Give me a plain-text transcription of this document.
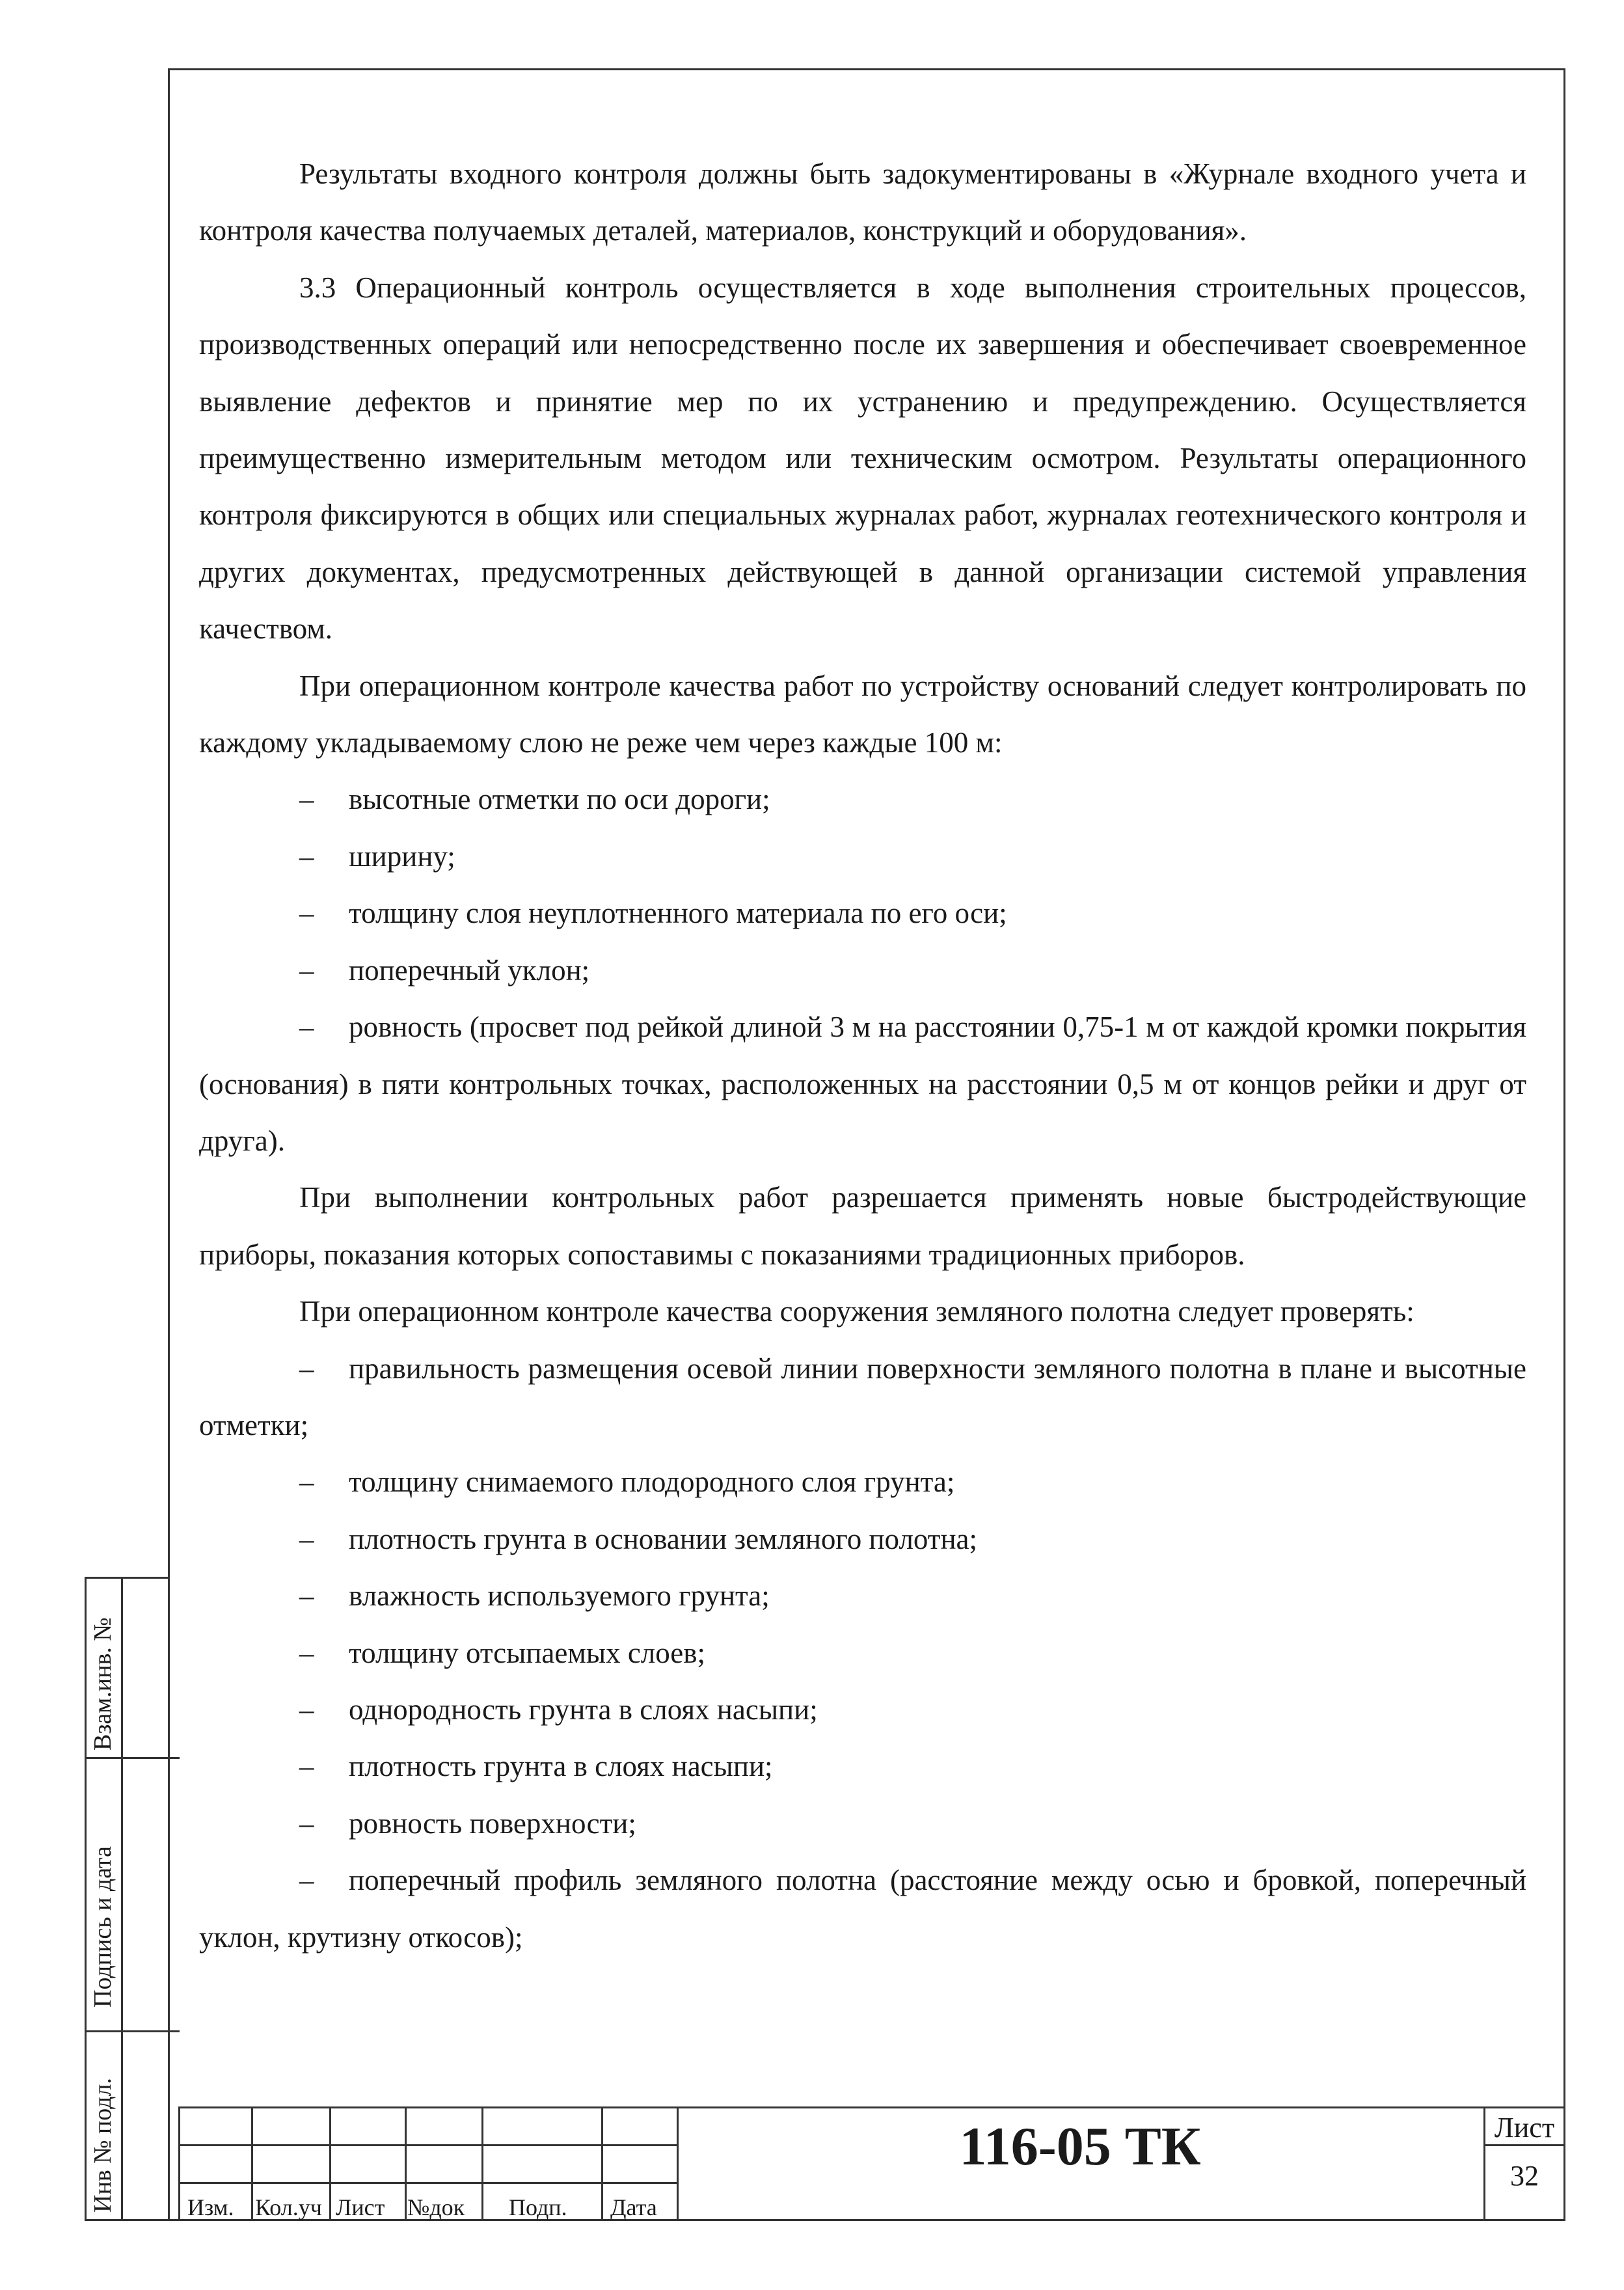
Результаты входного контроля должны быть задокументированы в «Журнале входного учета и контроля качества получаемых деталей, материалов, конструкций и оборудования».

3.3 Операционный контроль осуществляется в ходе выполнения строительных процессов, производственных операций или непосредственно после их завершения и обеспечивает своевременное выявление дефектов и принятие мер по их устранению и предупреждению. Осуществляется преимущественно измерительным методом или техническим осмотром. Результаты операционного контроля фиксируются в общих или специальных журналах работ, журналах геотехнического контроля и других документах, предусмотренных действующей в данной организации системой управления качеством.

При операционном контроле качества работ по устройству оснований следует контролировать по каждому укладываемому слою не реже чем через каждые 100 м:

– высотные отметки по оси дороги;

– ширину;

– толщину слоя неуплотненного материала по его оси;

– поперечный уклон;

– ровность (просвет под рейкой длиной 3 м на расстоянии 0,75-1 м от каждой кромки покрытия (основания) в пяти контрольных точках, расположенных на расстоянии 0,5 м от концов рейки и друг от друга).

При выполнении контрольных работ разрешается применять новые быстродействующие приборы, показания которых сопоставимы с показаниями традиционных приборов.

При операционном контроле качества сооружения земляного полотна следует проверять:

– правильность размещения осевой линии поверхности земляного полотна в плане и высотные отметки;

– толщину снимаемого плодородного слоя грунта;

– плотность грунта в основании земляного полотна;

– влажность используемого грунта;

– толщину отсыпаемых слоев;

– однородность грунта в слоях насыпи;

– плотность грунта в слоях насыпи;

– ровность поверхности;

– поперечный профиль земляного полотна (расстояние между осью и бровкой, поперечный уклон, крутизну откосов);

Взам.инв. №
Подпись и дата
Инв № подл.	Изм. Кол.уч Лист №док Подп. Дата
116-05 ТК	Лист
32
